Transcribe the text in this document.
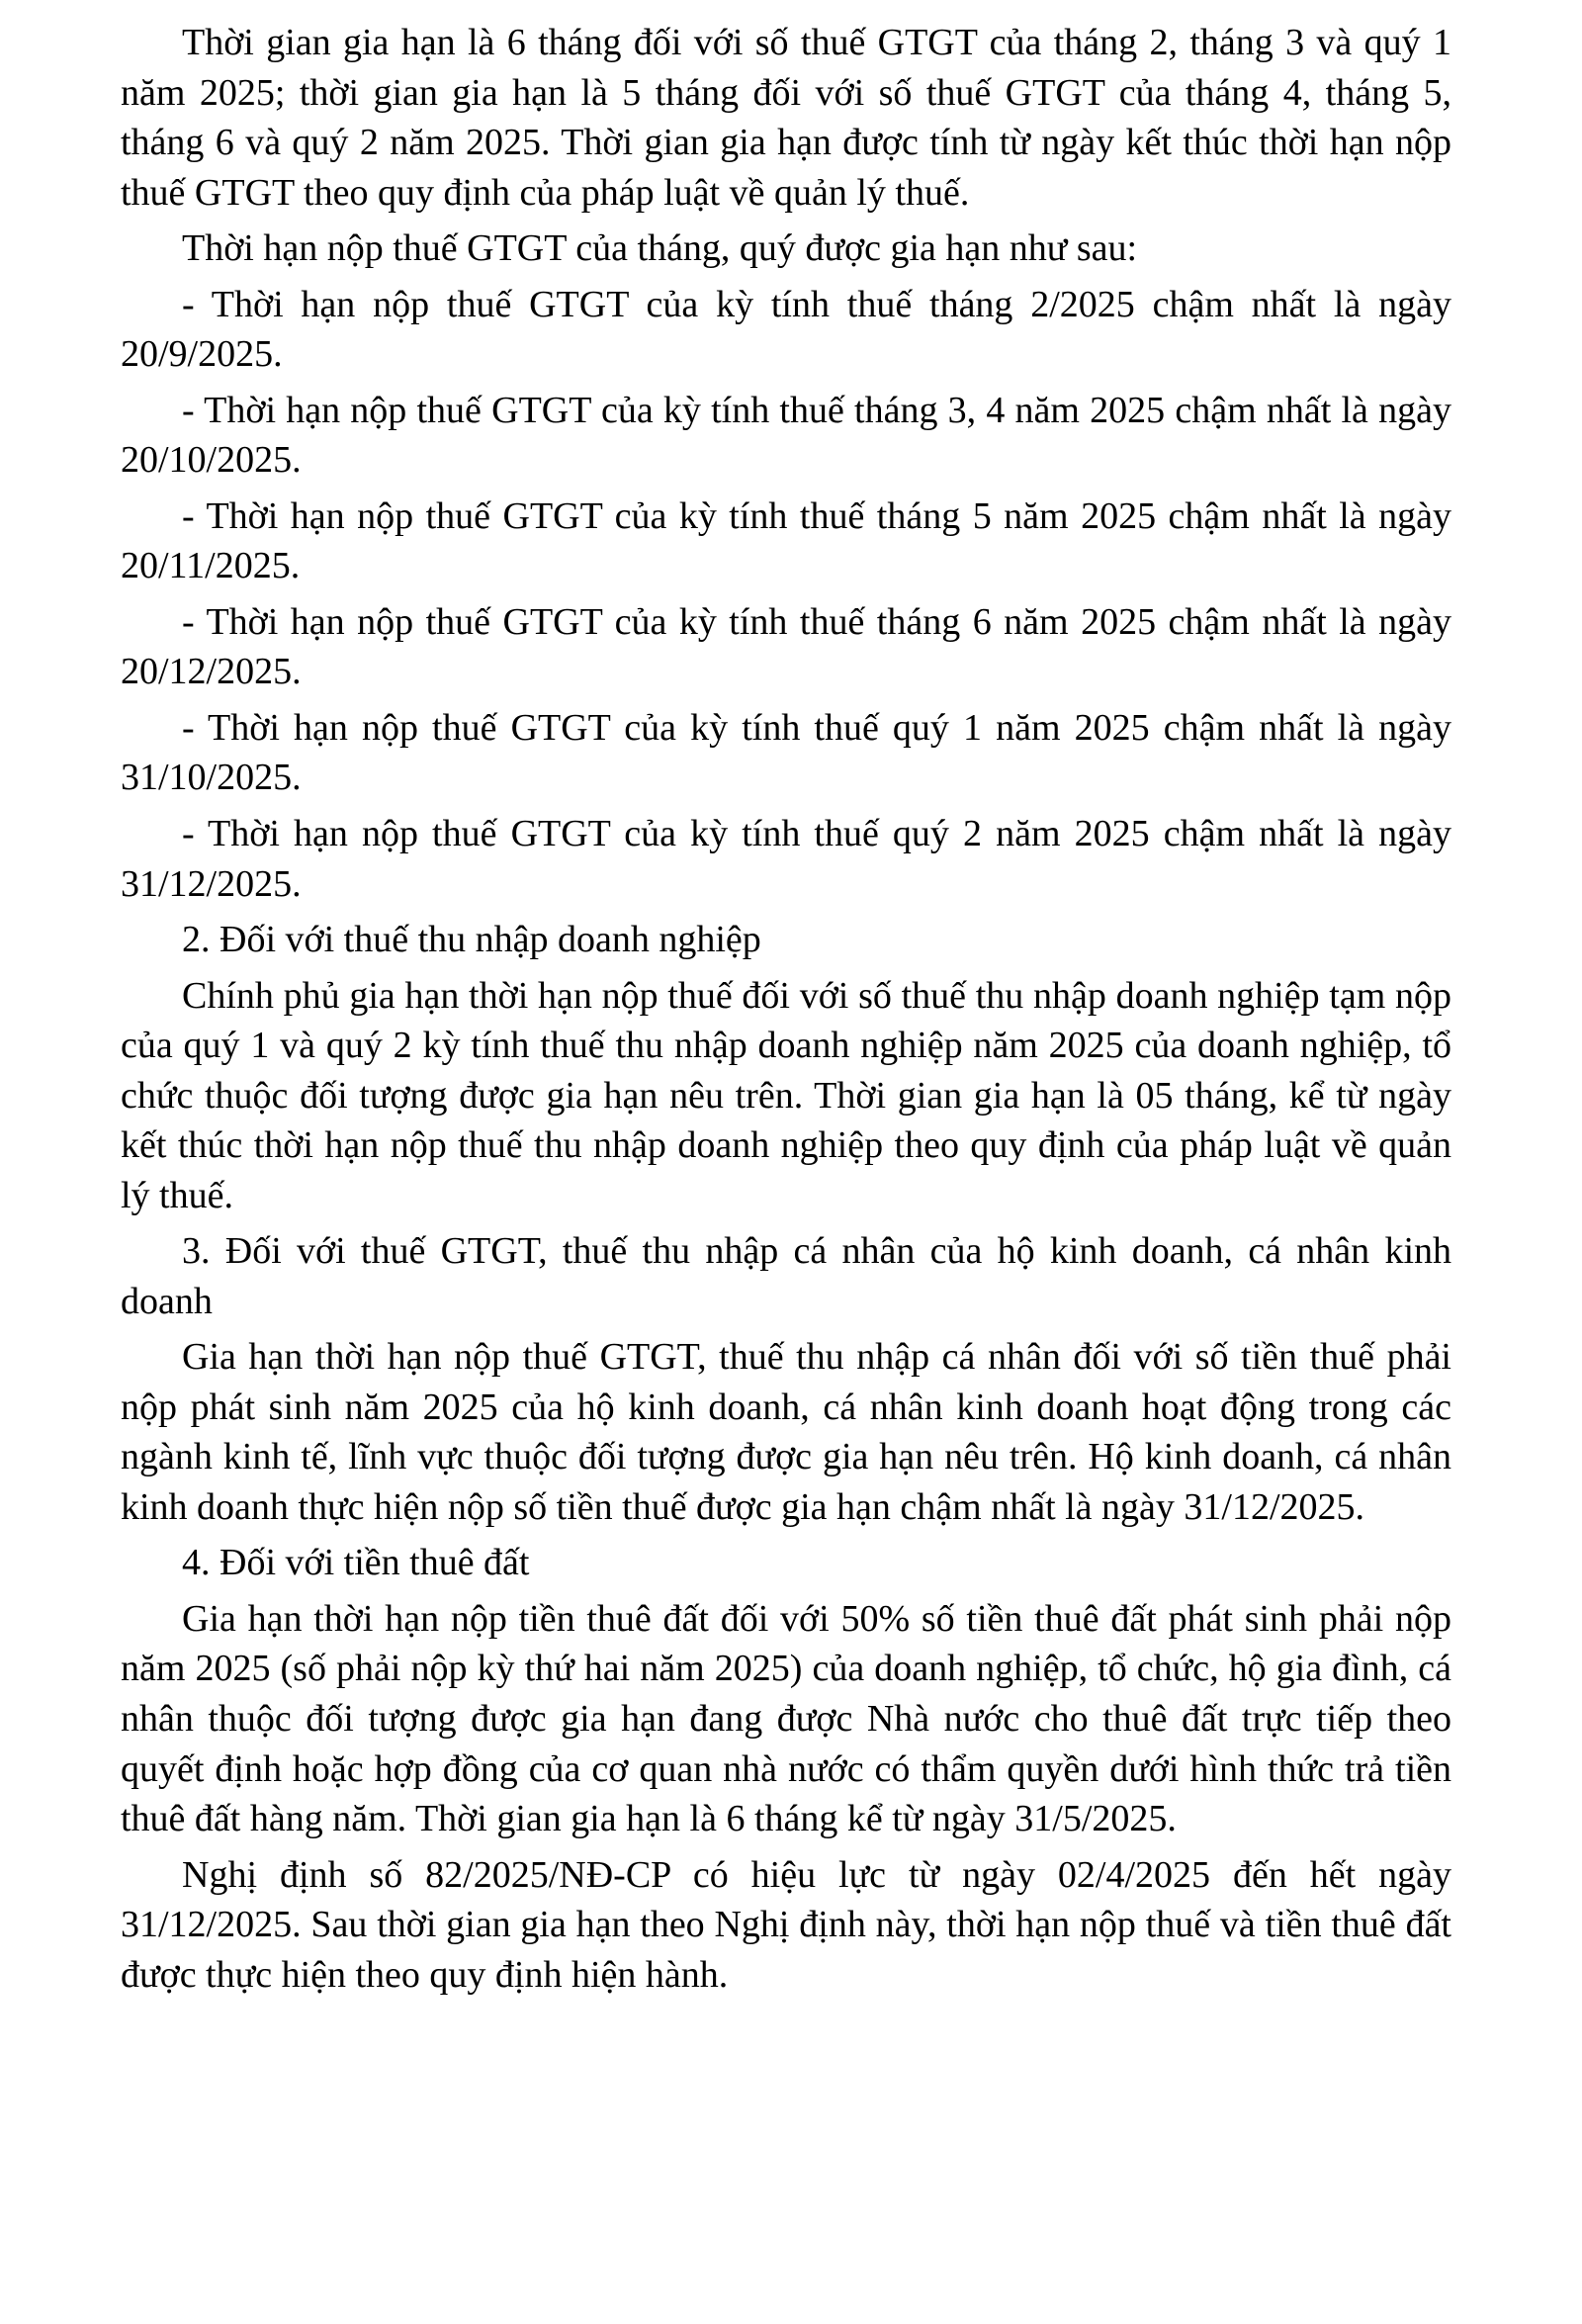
Thời gian gia hạn là 6 tháng đối với số thuế GTGT của tháng 2, tháng 3 và quý 1 năm 2025; thời gian gia hạn là 5 tháng đối với số thuế GTGT của tháng 4, tháng 5, tháng 6 và quý 2 năm 2025. Thời gian gia hạn được tính từ ngày kết thúc thời hạn nộp thuế GTGT theo quy định của pháp luật về quản lý thuế.

Thời hạn nộp thuế GTGT của tháng, quý được gia hạn như sau:

- Thời hạn nộp thuế GTGT của kỳ tính thuế tháng 2/2025 chậm nhất là ngày 20/9/2025.

- Thời hạn nộp thuế GTGT của kỳ tính thuế tháng 3, 4 năm 2025 chậm nhất là ngày 20/10/2025.

- Thời hạn nộp thuế GTGT của kỳ tính thuế tháng 5 năm 2025 chậm nhất là ngày 20/11/2025.

- Thời hạn nộp thuế GTGT của kỳ tính thuế tháng 6 năm 2025 chậm nhất là ngày 20/12/2025.

- Thời hạn nộp thuế GTGT của kỳ tính thuế quý 1 năm 2025 chậm nhất là ngày 31/10/2025.

- Thời hạn nộp thuế GTGT của kỳ tính thuế quý 2 năm 2025 chậm nhất là ngày 31/12/2025.

2. Đối với thuế thu nhập doanh nghiệp

Chính phủ gia hạn thời hạn nộp thuế đối với số thuế thu nhập doanh nghiệp tạm nộp của quý 1 và quý 2 kỳ tính thuế thu nhập doanh nghiệp năm 2025 của doanh nghiệp, tổ chức thuộc đối tượng được gia hạn nêu trên. Thời gian gia hạn là 05 tháng, kể từ ngày kết thúc thời hạn nộp thuế thu nhập doanh nghiệp theo quy định của pháp luật về quản lý thuế.

3. Đối với thuế GTGT, thuế thu nhập cá nhân của hộ kinh doanh, cá nhân kinh doanh

Gia hạn thời hạn nộp thuế GTGT, thuế thu nhập cá nhân đối với số tiền thuế phải nộp phát sinh năm 2025 của hộ kinh doanh, cá nhân kinh doanh hoạt động trong các ngành kinh tế, lĩnh vực thuộc đối tượng được gia hạn nêu trên. Hộ kinh doanh, cá nhân kinh doanh thực hiện nộp số tiền thuế được gia hạn chậm nhất là ngày 31/12/2025.

4. Đối với tiền thuê đất

Gia hạn thời hạn nộp tiền thuê đất đối với 50% số tiền thuê đất phát sinh phải nộp năm 2025 (số phải nộp kỳ thứ hai năm 2025) của doanh nghiệp, tổ chức, hộ gia đình, cá nhân thuộc đối tượng được gia hạn đang được Nhà nước cho thuê đất trực tiếp theo quyết định hoặc hợp đồng của cơ quan nhà nước có thẩm quyền dưới hình thức trả tiền thuê đất hàng năm. Thời gian gia hạn là 6 tháng kể từ ngày 31/5/2025.

Nghị định số 82/2025/NĐ-CP có hiệu lực từ ngày 02/4/2025 đến hết ngày 31/12/2025. Sau thời gian gia hạn theo Nghị định này, thời hạn nộp thuế và tiền thuê đất được thực hiện theo quy định hiện hành.
